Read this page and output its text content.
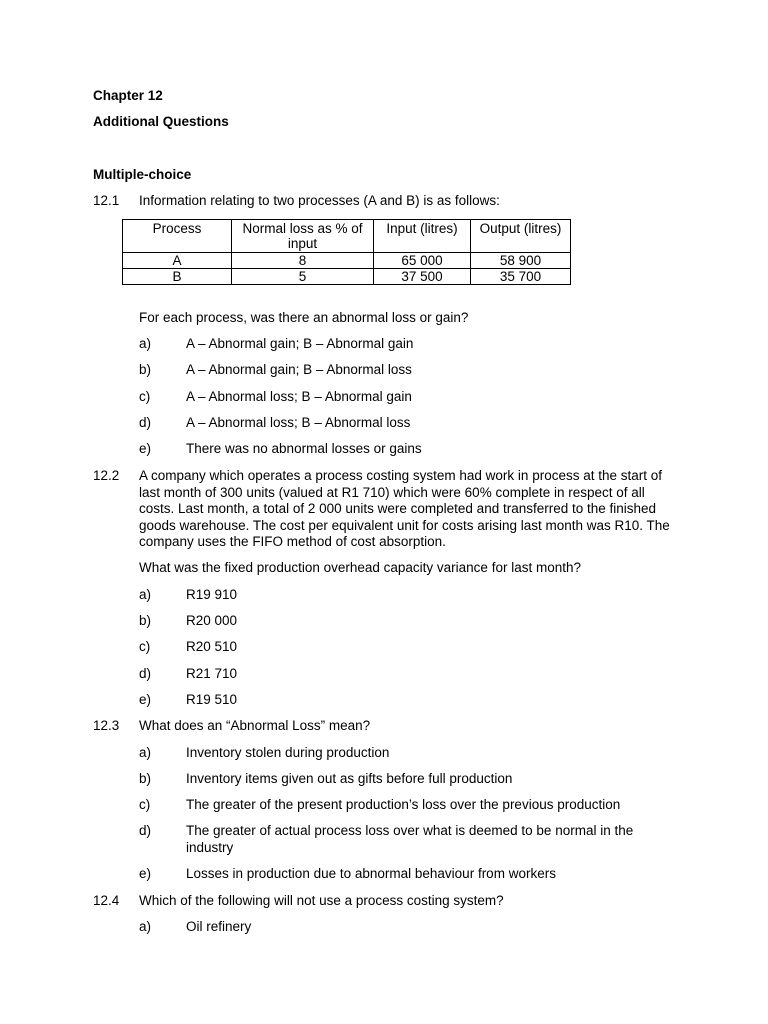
Chapter 12
Additional Questions
Multiple-choice
12.1 Information relating to two processes (A and B) is as follows:
Process	Normal loss as % of input	Input (litres)	Output (litres)
A	8	65 000	58 900
B	5	37 500	35 700
For each process, was there an abnormal loss or gain?
a)	A – Abnormal gain; B – Abnormal gain
b)	A – Abnormal gain; B – Abnormal loss
c)	A – Abnormal loss; B – Abnormal gain
d)	A – Abnormal loss; B – Abnormal loss
e)	There was no abnormal losses or gains
12.2 A company which operates a process costing system had work in process at the start of last month of 300 units (valued at R1 710) which were 60% complete in respect of all costs. Last month, a total of 2 000 units were completed and transferred to the finished goods warehouse. The cost per equivalent unit for costs arising last month was R10. The company uses the FIFO method of cost absorption.
What was the fixed production overhead capacity variance for last month?
a)	R19 910
b)	R20 000
c)	R20 510
d)	R21 710
e)	R19 510
12.3 What does an “Abnormal Loss” mean?
a)	Inventory stolen during production
b)	Inventory items given out as gifts before full production
c)	The greater of the present production’s loss over the previous production
d)	The greater of actual process loss over what is deemed to be normal in the industry
e)	Losses in production due to abnormal behaviour from workers
12.4 Which of the following will not use a process costing system?
a)	Oil refinery
